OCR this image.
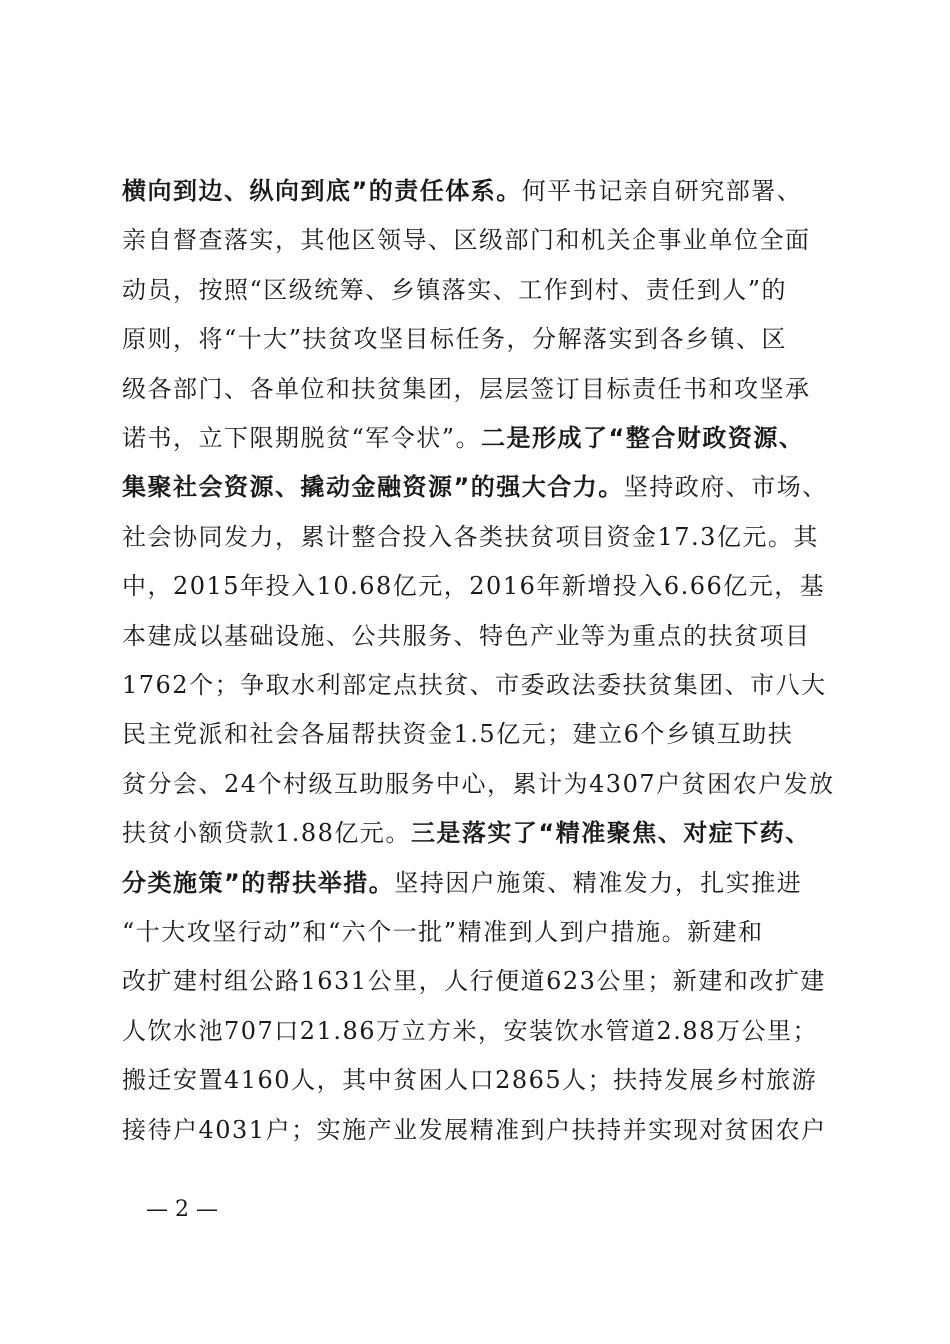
横向到边、纵向到底”的责任体系。何平书记亲自研究部署、
亲自督查落实，其他区领导、区级部门和机关企事业单位全面
动员，按照“区级统筹、乡镇落实、工作到村、责任到人”的
原则，将“十大”扶贫攻坚目标任务，分解落实到各乡镇、区
级各部门、各单位和扶贫集团，层层签订目标责任书和攻坚承
诺书，立下限期脱贫“军令状”。二是形成了“整合财政资源、
集聚社会资源、撬动金融资源”的强大合力。坚持政府、市场、
社会协同发力，累计整合投入各类扶贫项目资金17.3亿元。其
中，2015年投入10.68亿元，2016年新增投入6.66亿元，基
本建成以基础设施、公共服务、特色产业等为重点的扶贫项目
1762个；争取水利部定点扶贫、市委政法委扶贫集团、市八大
民主党派和社会各届帮扶资金1.5亿元；建立6个乡镇互助扶
贫分会、24个村级互助服务中心，累计为4307户贫困农户发放
扶贫小额贷款1.88亿元。三是落实了“精准聚焦、对症下药、
分类施策”的帮扶举措。坚持因户施策、精准发力，扎实推进
“十大攻坚行动”和“六个一批”精准到人到户措施。新建和
改扩建村组公路1631公里，人行便道623公里；新建和改扩建
人饮水池707口21.86万立方米，安装饮水管道2.88万公里；
搬迁安置4160人，其中贫困人口2865人；扶持发展乡村旅游
接待户4031户；实施产业发展精准到户扶持并实现对贫困农户
— 2 —
